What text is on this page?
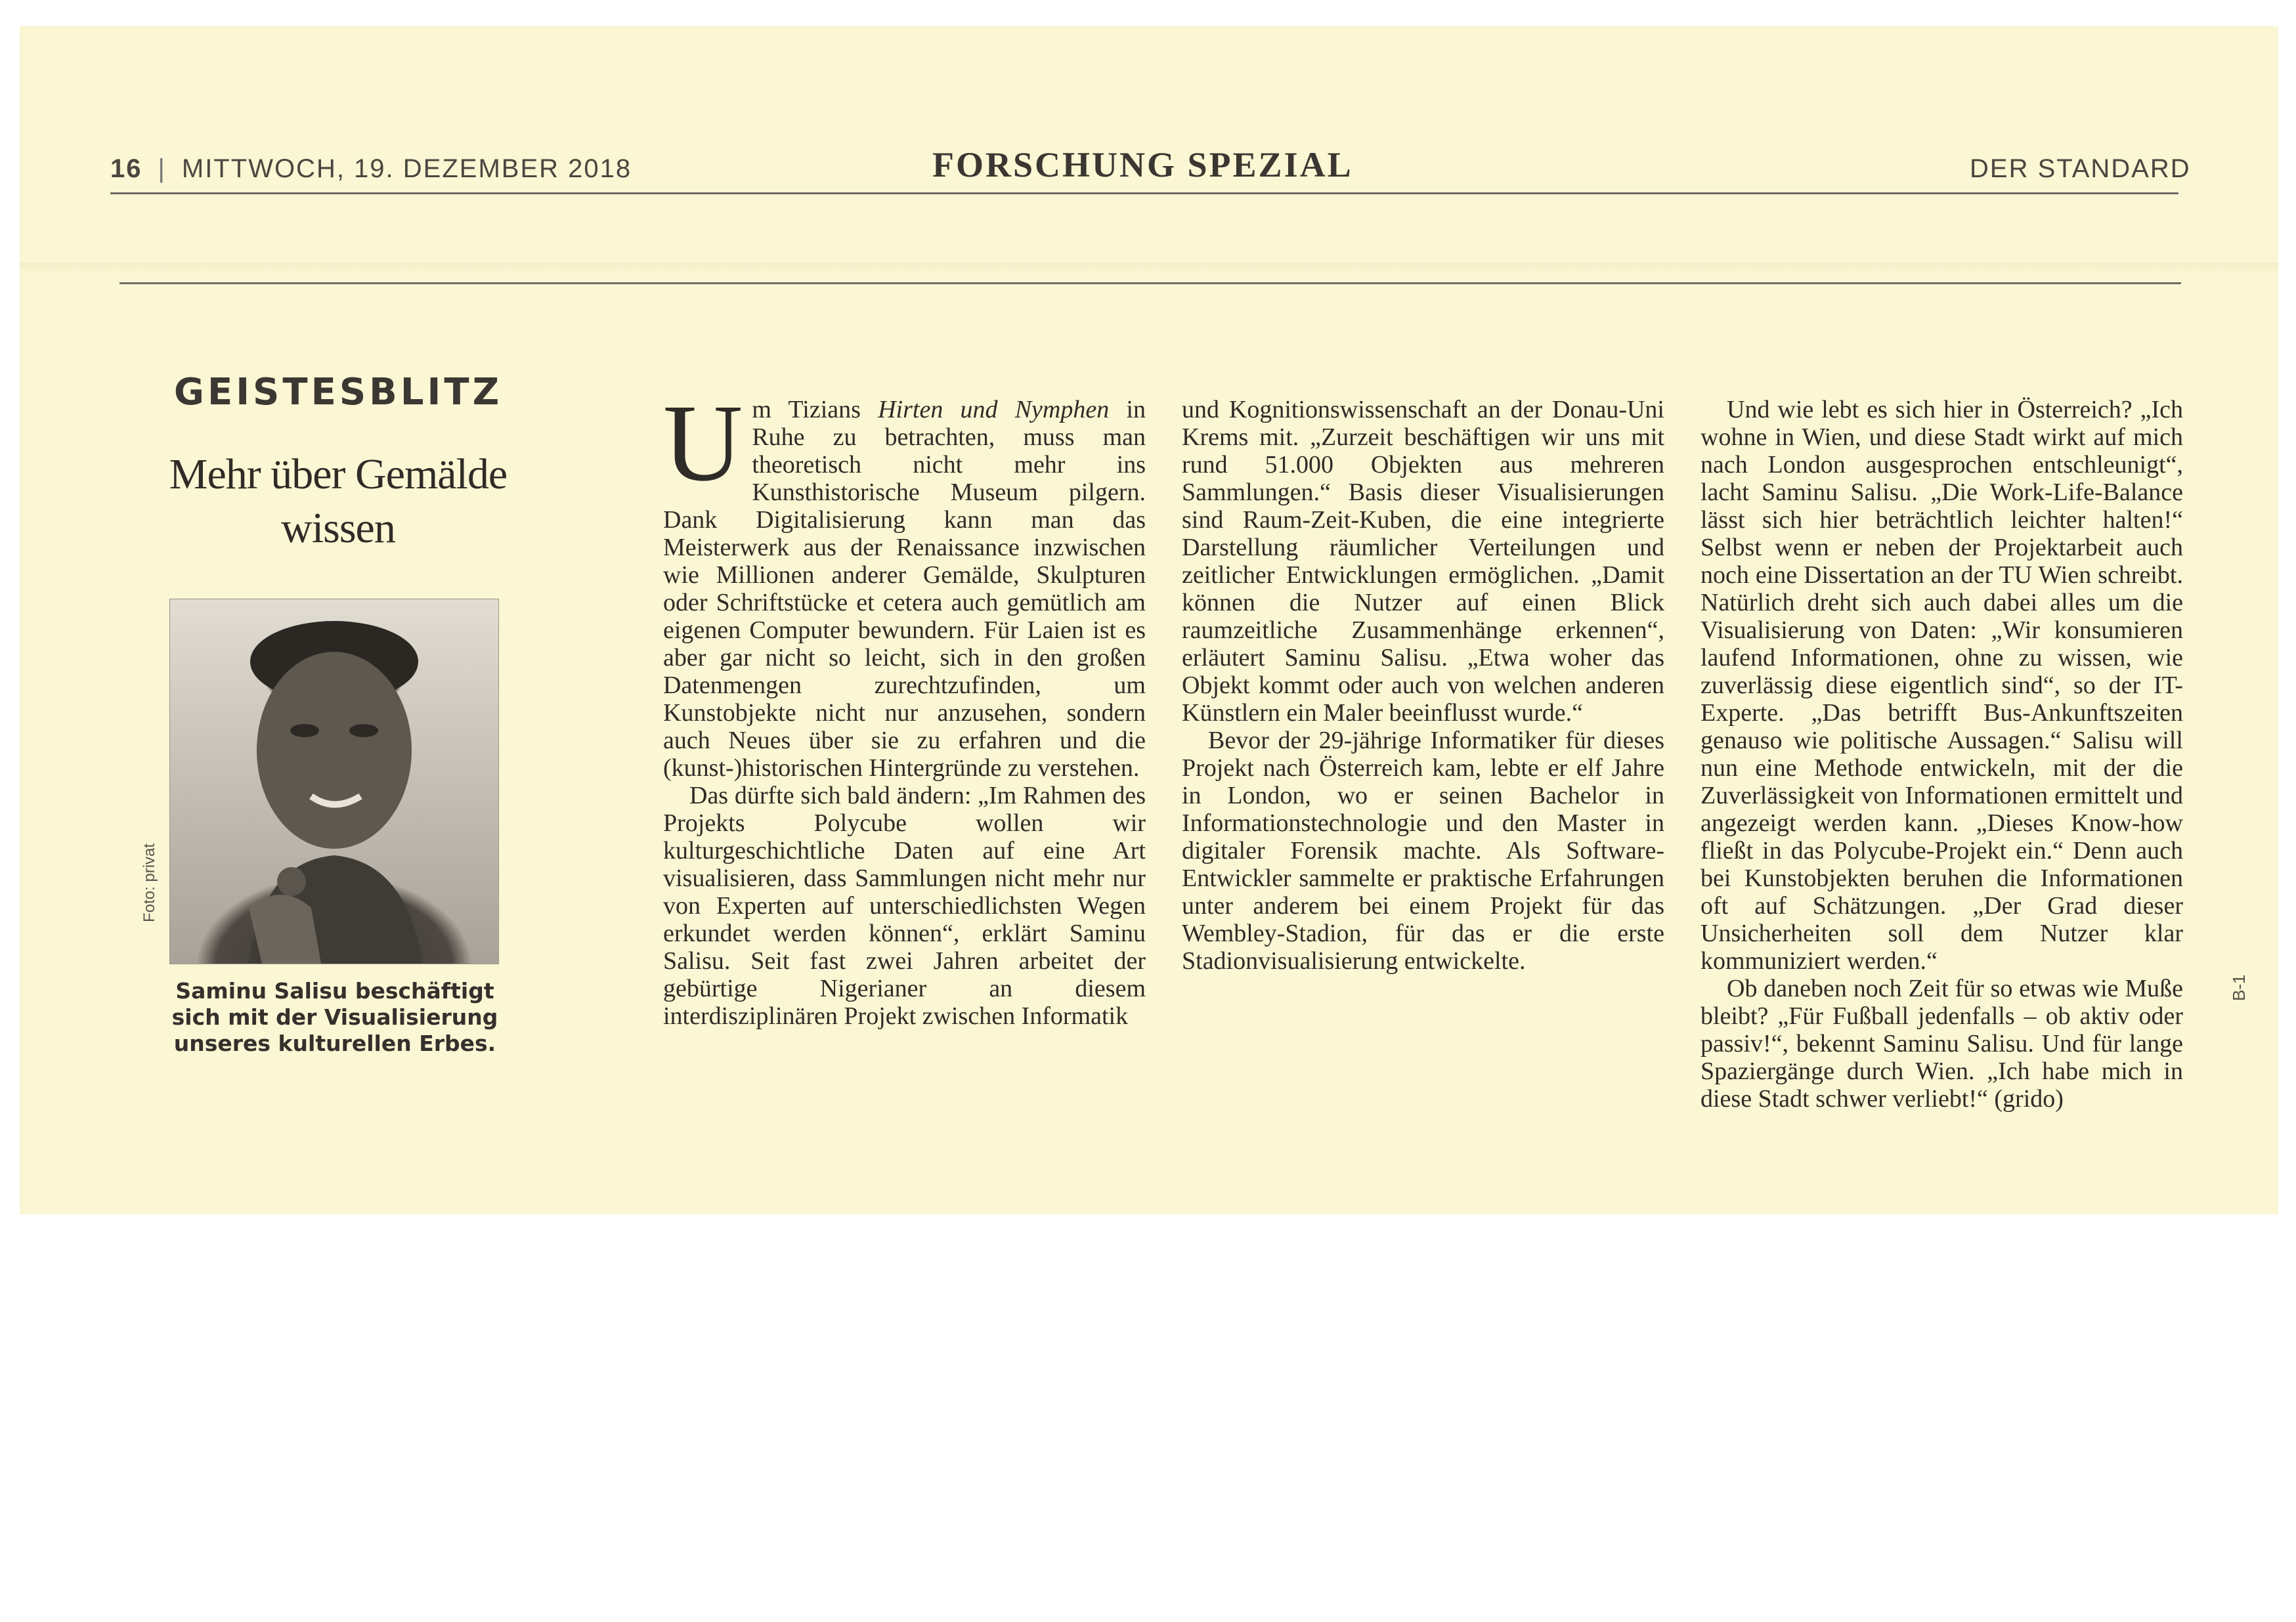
16 | MITTWOCH, 19. DEZEMBER 2018	FORSCHUNG SPEZIAL	DER STANDARD
GEISTESBLITZ
Mehr über Gemälde wissen
Foto: privat
Saminu Salisu beschäftigt sich mit der Visualisierung unseres kulturellen Erbes.

Um Tizians Hirten und Nymphen in Ruhe zu betrachten, muss man theoretisch nicht mehr ins Kunsthistorische Museum pilgern. Dank Digitalisierung kann man das Meisterwerk aus der Renaissance inzwischen wie Millionen anderer Gemälde, Skulpturen oder Schriftstücke et cetera auch gemütlich am eigenen Computer bewundern. Für Laien ist es aber gar nicht so leicht, sich in den großen Datenmengen zurechtzufinden, um Kunstobjekte nicht nur anzusehen, sondern auch Neues über sie zu erfahren und die (kunst-)historischen Hintergründe zu verstehen.

Das dürfte sich bald ändern: „Im Rahmen des Projekts Polycube wollen wir kulturgeschichtliche Daten auf eine Art visualisieren, dass Sammlungen nicht mehr nur von Experten auf unterschiedlichsten Wegen erkundet werden können“, erklärt Saminu Salisu. Seit fast zwei Jahren arbeitet der gebürtige Nigerianer an diesem interdisziplinären Projekt zwischen Informatik

und Kognitionswissenschaft an der Donau-Uni Krems mit. „Zurzeit beschäftigen wir uns mit rund 51.000 Objekten aus mehreren Sammlungen.“ Basis dieser Visualisierungen sind Raum-Zeit-Kuben, die eine integrierte Darstellung räumlicher Verteilungen und zeitlicher Entwicklungen ermöglichen. „Damit können die Nutzer auf einen Blick raumzeitliche Zusammenhänge erkennen“, erläutert Saminu Salisu. „Etwa woher das Objekt kommt oder auch von welchen anderen Künstlern ein Maler beeinflusst wurde.“

Bevor der 29-jährige Informatiker für dieses Projekt nach Österreich kam, lebte er elf Jahre in London, wo er seinen Bachelor in Informationstechnologie und den Master in digitaler Forensik machte. Als Software-Entwickler sammelte er praktische Erfahrungen unter anderem bei einem Projekt für das Wembley-Stadion, für das er die erste Stadionvisualisierung entwickelte.

Und wie lebt es sich hier in Österreich? „Ich wohne in Wien, und diese Stadt wirkt auf mich nach London ausgesprochen entschleunigt“, lacht Saminu Salisu. „Die Work-Life-Balance lässt sich hier beträchtlich leichter halten!“ Selbst wenn er neben der Projektarbeit auch noch eine Dissertation an der TU Wien schreibt. Natürlich dreht sich auch dabei alles um die Visualisierung von Daten: „Wir konsumieren laufend Informationen, ohne zu wissen, wie zuverlässig diese eigentlich sind“, so der IT-Experte. „Das betrifft Bus-Ankunftszeiten genauso wie politische Aussagen.“ Salisu will nun eine Methode entwickeln, mit der die Zuverlässigkeit von Informationen ermittelt und angezeigt werden kann. „Dieses Know-how fließt in das Polycube-Projekt ein.“ Denn auch bei Kunstobjekten beruhen die Informationen oft auf Schätzungen. „Der Grad dieser Unsicherheiten soll dem Nutzer klar kommuniziert werden.“

Ob daneben noch Zeit für so etwas wie Muße bleibt? „Für Fußball jedenfalls – ob aktiv oder passiv!“, bekennt Saminu Salisu. Und für lange Spaziergänge durch Wien. „Ich habe mich in diese Stadt schwer verliebt!“ (grido)

B-1
